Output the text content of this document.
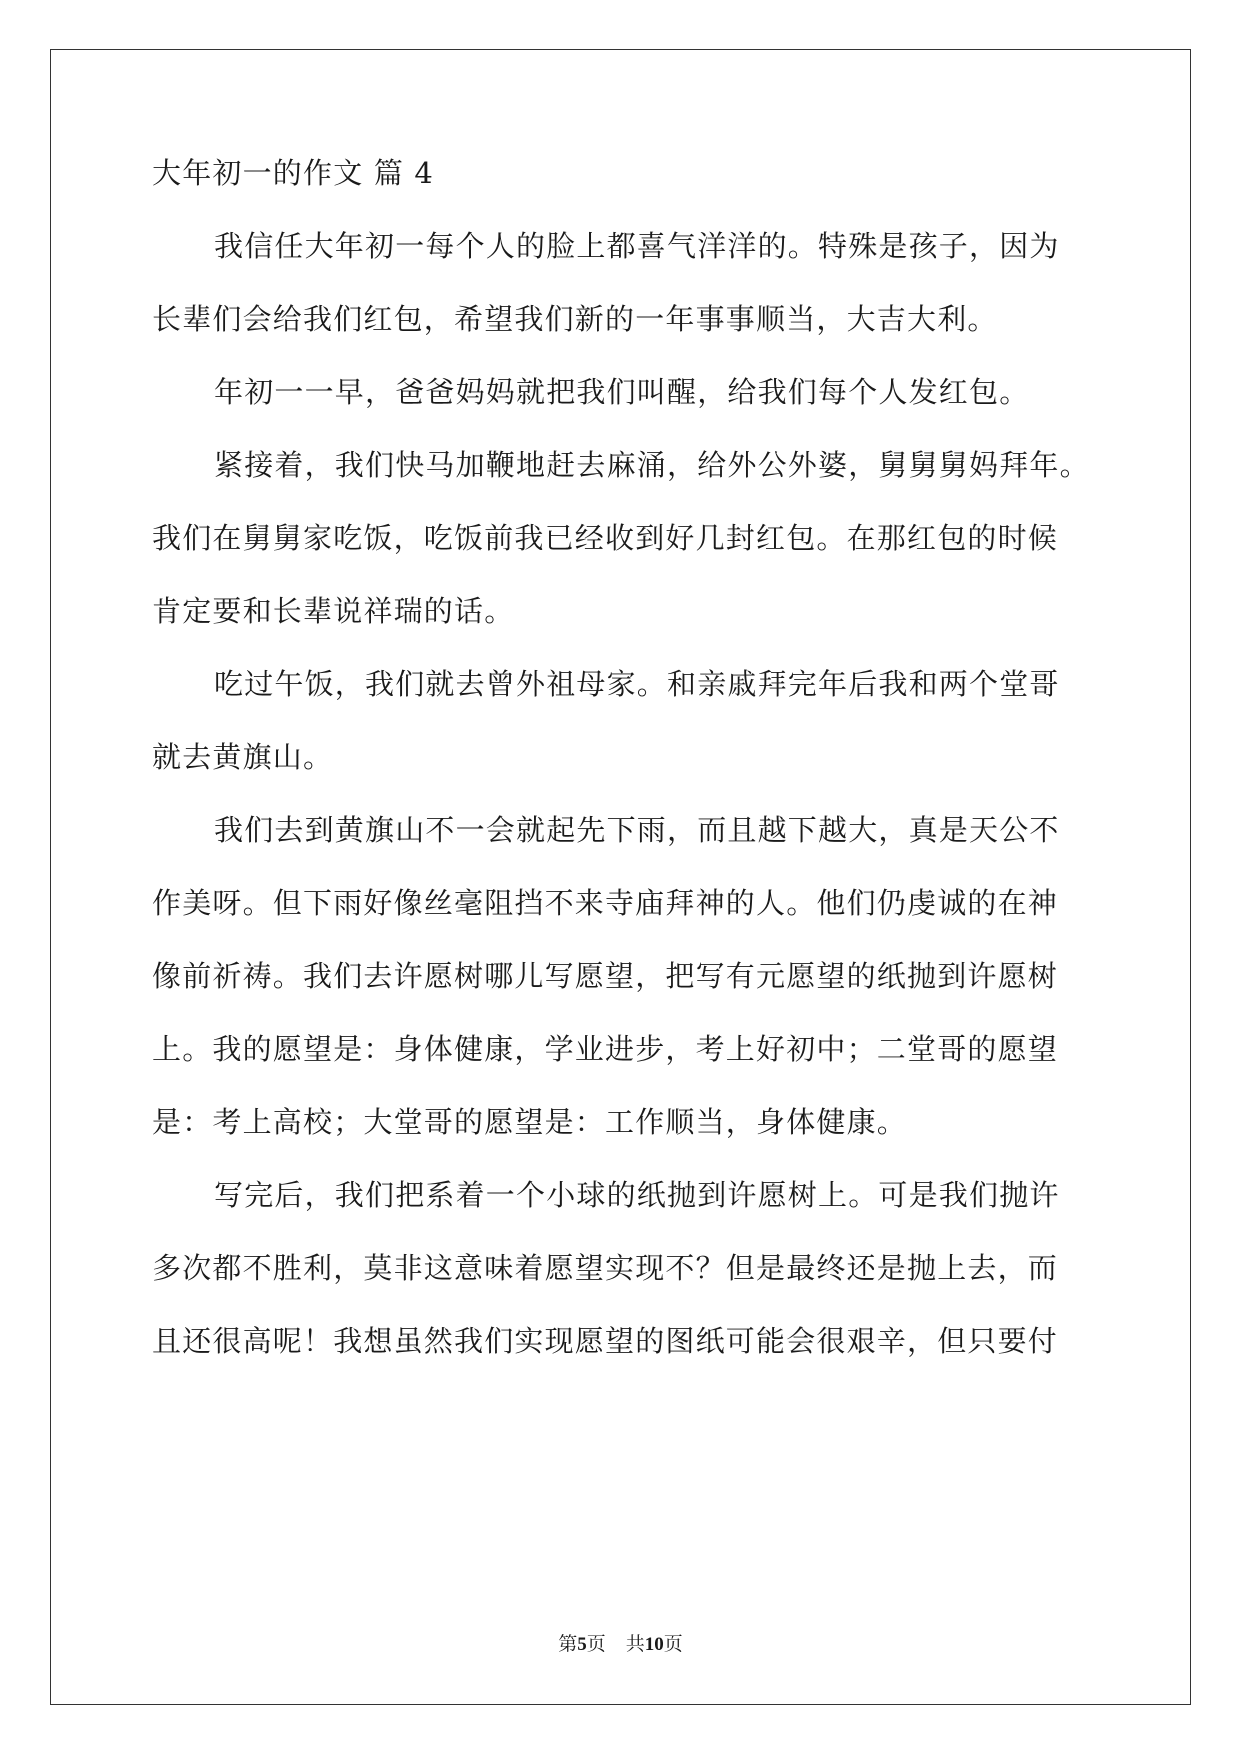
大年初一的作文 篇 4
我信任大年初一每个人的脸上都喜气洋洋的。特殊是孩子，因为
长辈们会给我们红包，希望我们新的一年事事顺当，大吉大利。
年初一一早，爸爸妈妈就把我们叫醒，给我们每个人发红包。
紧接着，我们快马加鞭地赶去麻涌，给外公外婆，舅舅舅妈拜年。
我们在舅舅家吃饭，吃饭前我已经收到好几封红包。在那红包的时候
肯定要和长辈说祥瑞的话。
吃过午饭，我们就去曾外祖母家。和亲戚拜完年后我和两个堂哥
就去黄旗山。
我们去到黄旗山不一会就起先下雨，而且越下越大，真是天公不
作美呀。但下雨好像丝毫阻挡不来寺庙拜神的人。他们仍虔诚的在神
像前祈祷。我们去许愿树哪儿写愿望，把写有元愿望的纸抛到许愿树
上。我的愿望是：身体健康，学业进步，考上好初中；二堂哥的愿望
是：考上高校；大堂哥的愿望是：工作顺当，身体健康。
写完后，我们把系着一个小球的纸抛到许愿树上。可是我们抛许
多次都不胜利，莫非这意味着愿望实现不？但是最终还是抛上去，而
且还很高呢！我想虽然我们实现愿望的图纸可能会很艰辛，但只要付
第5页 共10页
